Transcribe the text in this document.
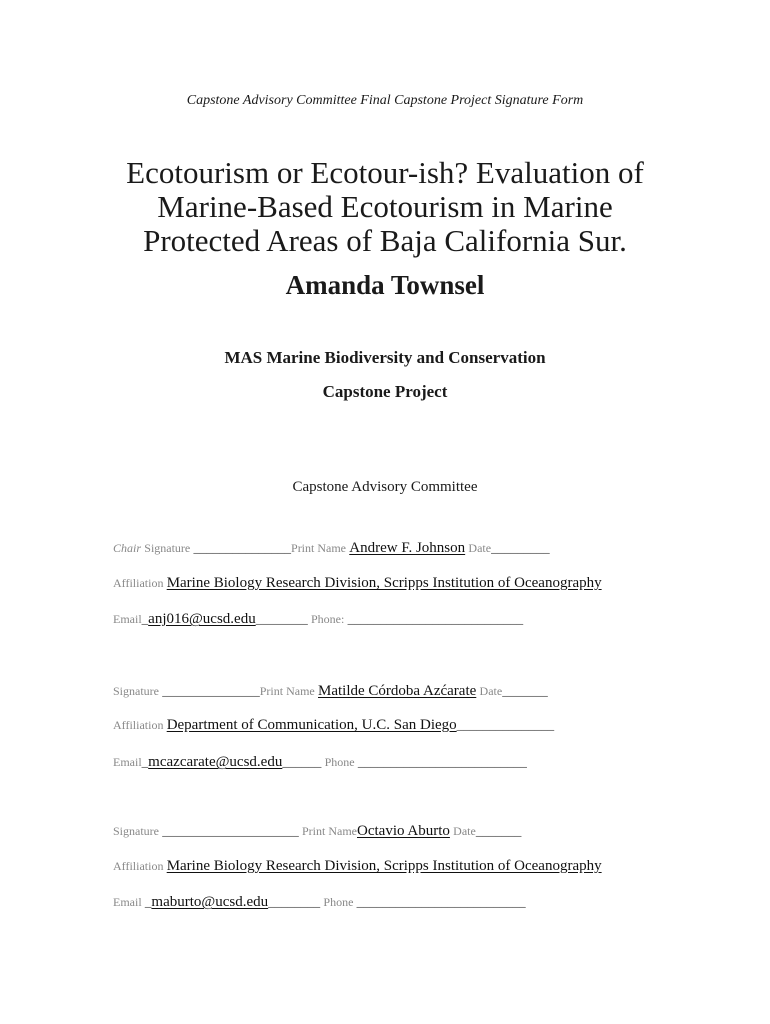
Capstone Advisory Committee Final Capstone Project Signature Form
Ecotourism or Ecotour-ish? Evaluation of
Marine-Based Ecotourism in Marine
Protected Areas of Baja California Sur.
Amanda Townsel
MAS Marine Biodiversity and Conservation
Capstone Project
Capstone Advisory Committee
Chair Signature _______________Print Name Andrew F. Johnson Date_________
Affiliation Marine Biology Research Division, Scripps Institution of Oceanography
Email_anj016@ucsd.edu________ Phone: ___________________________
Signature _______________Print Name Matilde Córdoba Azćarate Date_______
Affiliation Department of Communication, U.C. San Diego_______________
Email_mcazcarate@ucsd.edu______ Phone __________________________
Signature _____________________ Print NameOctavio Aburto Date_______
Affiliation Marine Biology Research Division, Scripps Institution of Oceanography
Email _maburto@ucsd.edu________ Phone __________________________
